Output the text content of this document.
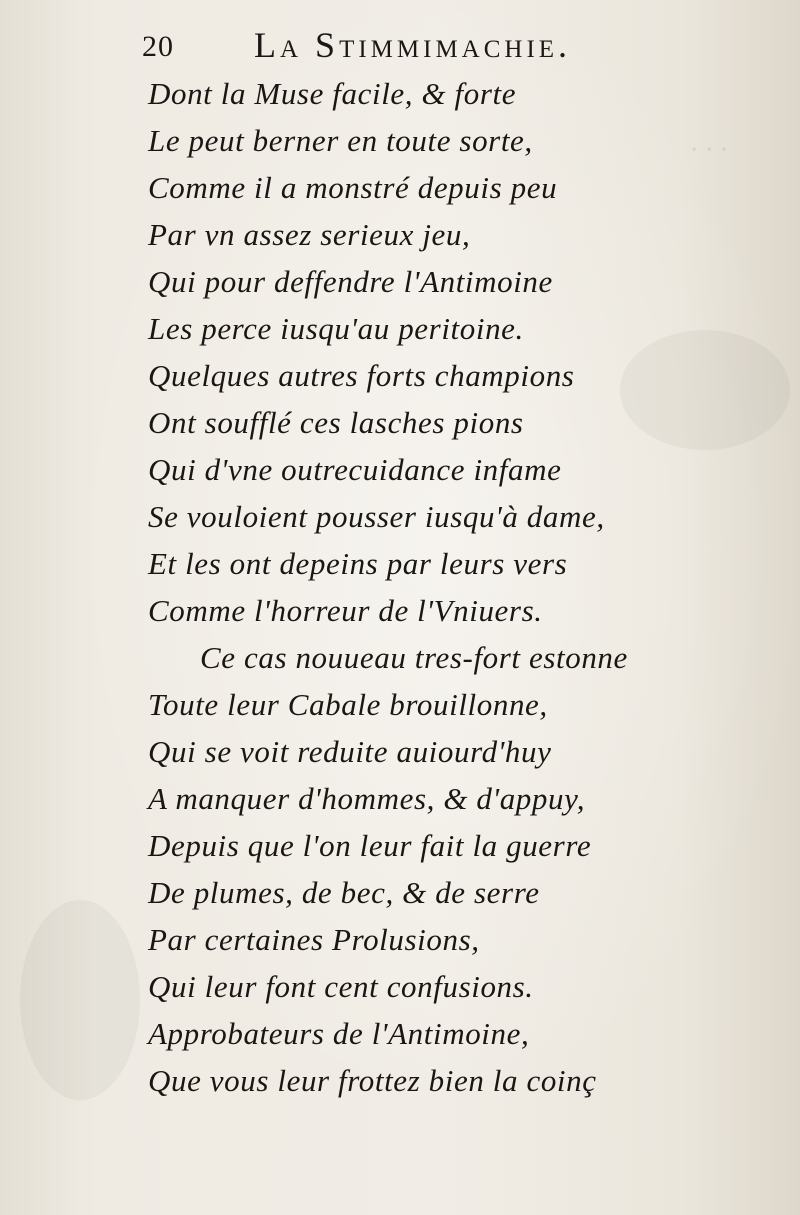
· · ·
20 La Stimmimachie.
Dont la Muse facile, & forte
Le peut berner en toute sorte,
Comme il a monstré depuis peu
Par vn assez serieux jeu,
Qui pour deffendre l'Antimoine
Les perce iusqu'au peritoine.
Quelques autres forts champions
Ont soufflé ces lasches pions
Qui d'vne outrecuidance infame
Se vouloient pousser iusqu'à dame,
Et les ont depeins par leurs vers
Comme l'horreur de l'Vniuers.
Ce cas nouueau tres-fort estonne
Toute leur Cabale brouillonne,
Qui se voit reduite auiourd'huy
A manquer d'hommes, & d'appuy,
Depuis que l'on leur fait la guerre
De plumes, de bec, & de serre
Par certaines Prolusions,
Qui leur font cent confusions.
Approbateurs de l'Antimoine,
Que vous leur frottez bien la coinç
